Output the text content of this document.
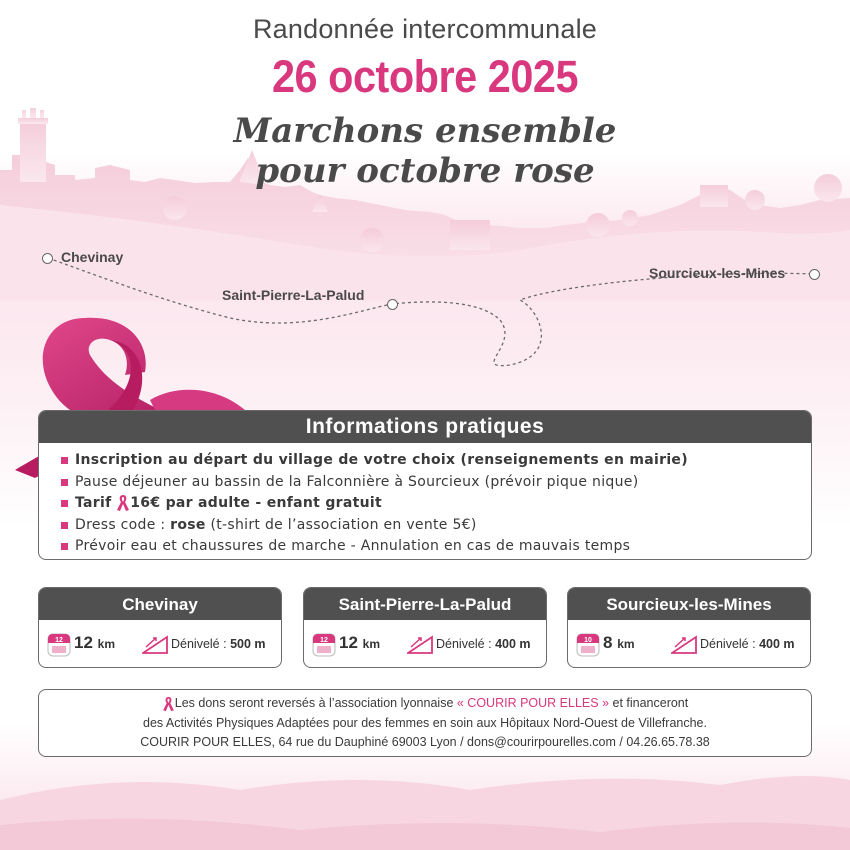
Randonnée intercommunale
26 octobre 2025
Marchons ensemble
pour octobre rose
Chevinay
Saint-Pierre-La-Palud
Sourcieux-les-Mines
Informations pratiques
Inscription au départ du village de votre choix (renseignements en mairie)
Pause déjeuner au bassin de la Falconnière à Sourcieux (prévoir pique nique)
Tarif 16€ par adulte - enfant gratuit
Dress code : rose (t-shirt de l’association en vente 5€)
Prévoir eau et chaussures de marche - Annulation en cas de mauvais temps
Chevinay
12 12 km	Dénivelé : 500 m
Saint-Pierre-La-Palud
12 12 km	Dénivelé : 400 m
Sourcieux-les-Mines
10 8 km	Dénivelé : 400 m
Les dons seront reversés à l’association lyonnaise « COURIR POUR ELLES » et financeront
des Activités Physiques Adaptées pour des femmes en soin aux Hôpitaux Nord-Ouest de Villefranche.
COURIR POUR ELLES, 64 rue du Dauphiné 69003 Lyon / dons@courirpourelles.com / 04.26.65.78.38
